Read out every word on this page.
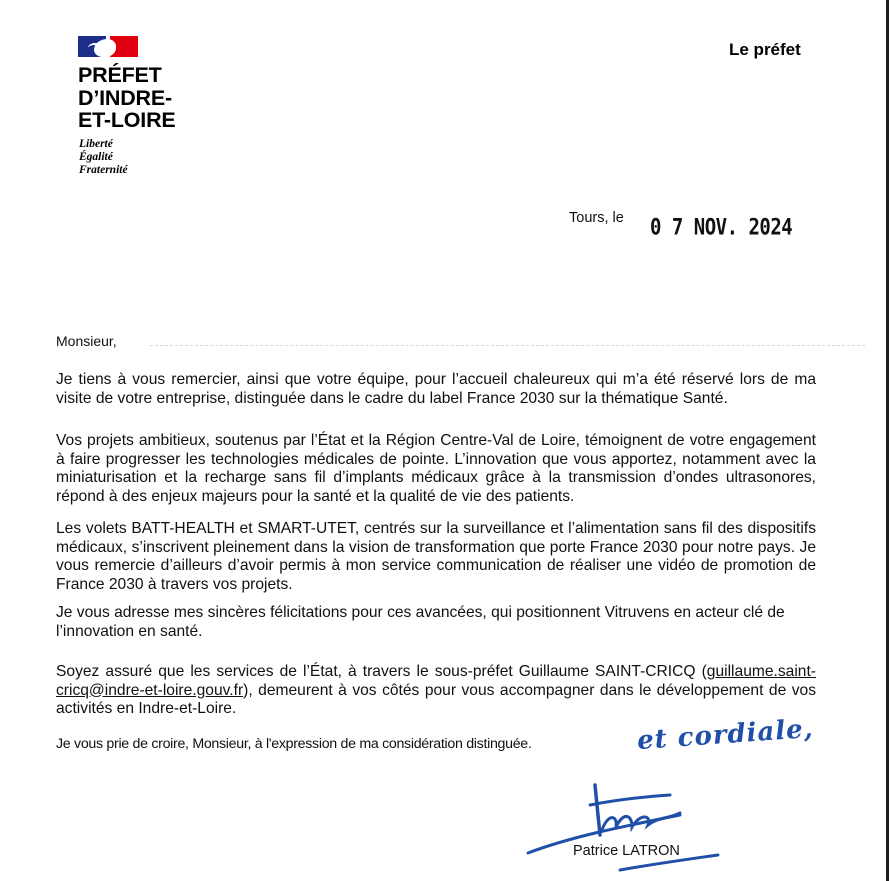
PRÉFET
D’INDRE-
ET-LOIRE
Liberté
Égalité
Fraternité
Le préfet
Tours, le 0 7 NOV. 2024
Monsieur,
Je tiens à vous remercier, ainsi que votre équipe, pour l’accueil chaleureux qui m’a été réservé lors de ma visite de votre entreprise, distinguée dans le cadre du label France 2030 sur la thématique Santé.
Vos projets ambitieux, soutenus par l’État et la Région Centre-Val de Loire, témoignent de votre engagement à faire progresser les technologies médicales de pointe. L’innovation que vous apportez, notamment avec la miniaturisation et la recharge sans fil d’implants médicaux grâce à la transmission d’ondes ultrasonores, répond à des enjeux majeurs pour la santé et la qualité de vie des patients.
Les volets BATT-HEALTH et SMART-UTET, centrés sur la surveillance et l’alimentation sans fil des dispositifs médicaux, s’inscrivent pleinement dans la vision de transformation que porte France 2030 pour notre pays. Je vous remercie d’ailleurs d’avoir permis à mon service communication de réaliser une vidéo de promotion de France 2030 à travers vos projets.
Je vous adresse mes sincères félicitations pour ces avancées, qui positionnent Vitruvens en acteur clé de l’innovation en santé.
Soyez assuré que les services de l’État, à travers le sous-préfet Guillaume SAINT-CRICQ (guillaume.saint-cricq@indre-et-loire.gouv.fr), demeurent à vos côtés pour vous accompagner dans le développement de vos activités en Indre-et-Loire.
Je vous prie de croire, Monsieur, à l'expression de ma considération distinguée.	et cordiale,
Patrice LATRON
